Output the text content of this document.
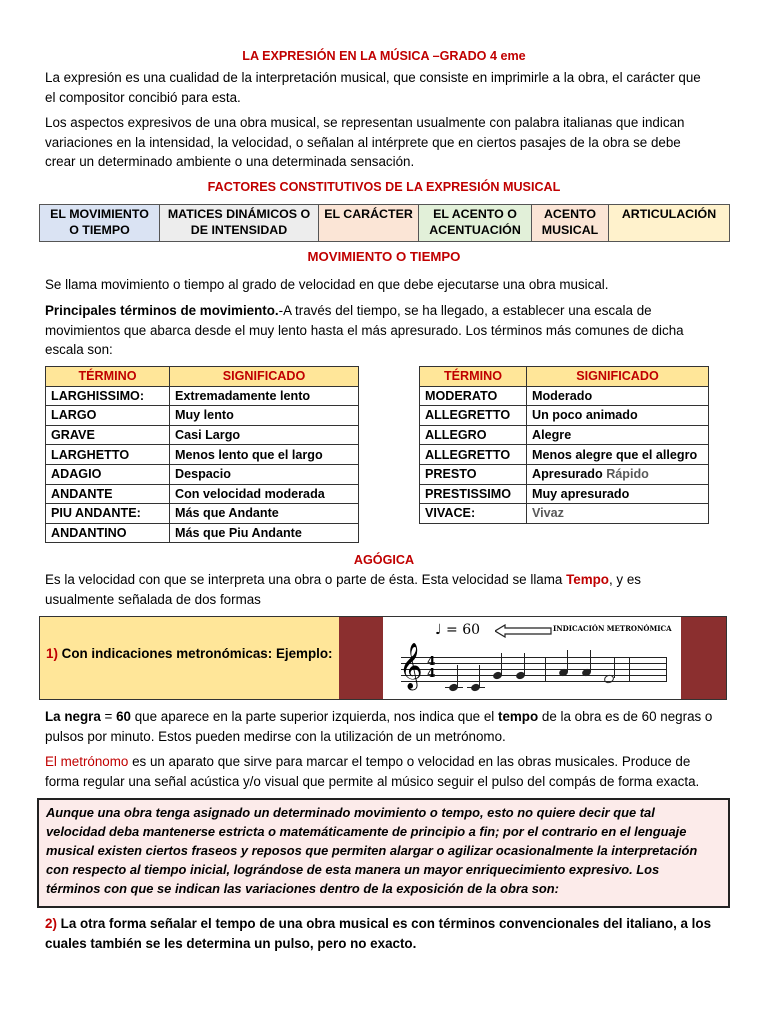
LA EXPRESIÓN EN LA MÚSICA –GRADO 4 eme

La expresión es una cualidad de la interpretación musical, que consiste en imprimirle a la obra, el carácter que
el compositor concibió para esta.

Los aspectos expresivos de una obra musical, se representan usualmente con palabra italianas que indican
variaciones en la intensidad, la velocidad, o señalan al intérprete que en ciertos pasajes de la obra se debe
crear un determinado ambiente o una determinada sensación.

FACTORES CONSTITUTIVOS DE LA EXPRESIÓN MUSICAL
EL MOVIMIENTO
O TIEMPO	MATICES DINÁMICOS O
DE INTENSIDAD	EL CARÁCTER	EL ACENTO O
ACENTUACIÓN	ACENTO
MUSICAL	ARTICULACIÓN
MOVIMIENTO O TIEMPO

Se llama movimiento o tiempo al grado de velocidad en que debe ejecutarse una obra musical.

Principales términos de movimiento.-A través del tiempo, se ha llegado, a establecer una escala de
movimientos que abarca desde el muy lento hasta el más apresurado. Los términos más comunes de dicha
escala son:

TÉRMINO	SIGNIFICADO
LARGHISSIMO:	Extremadamente lento
LARGO	Muy lento
GRAVE	Casi Largo
LARGHETTO	Menos lento que el largo
ADAGIO	Despacio
ANDANTE	Con velocidad moderada
PIU ANDANTE:	Más que Andante
ANDANTINO	Más que Piu Andante
TÉRMINO	SIGNIFICADO
MODERATO	Moderado
ALLEGRETTO	Un poco animado
ALLEGRO	Alegre
ALLEGRETTO	Menos alegre que el allegro
PRESTO	Apresurado Rápido
PRESTISSIMO	Muy apresurado
VIVACE:	Vivaz
AGÓGICA

Es la velocidad con que se interpreta una obra o parte de ésta. Esta velocidad se llama Tempo, y es
usualmente señalada de dos formas

1) Con indicaciones metronómicas: Ejemplo:
♩ = 60	INDICACIÓN METRONÓMICA
𝄞 4
4

La negra = 60 que aparece en la parte superior izquierda, nos indica que el tempo de la obra es de 60 negras o
pulsos por minuto. Estos pueden medirse con la utilización de un metrónomo.

El metrónomo es un aparato que sirve para marcar el tempo o velocidad en las obras musicales. Produce de
forma regular una señal acústica y/o visual que permite al músico seguir el pulso del compás de forma exacta.

Aunque una obra tenga asignado un determinado movimiento o tempo, esto no quiere decir que tal
velocidad deba mantenerse estricta o matemáticamente de principio a fin; por el contrario en el lenguaje
musical existen ciertos fraseos y reposos que permiten alargar o agilizar ocasionalmente la interpretación
con respecto al tiempo inicial, lográndose de esta manera un mayor enriquecimiento expresivo. Los
términos con que se indican las variaciones dentro de la exposición de la obra son:

2) La otra forma señalar el tempo de una obra musical es con términos convencionales del italiano, a los
cuales también se les determina un pulso, pero no exacto.
